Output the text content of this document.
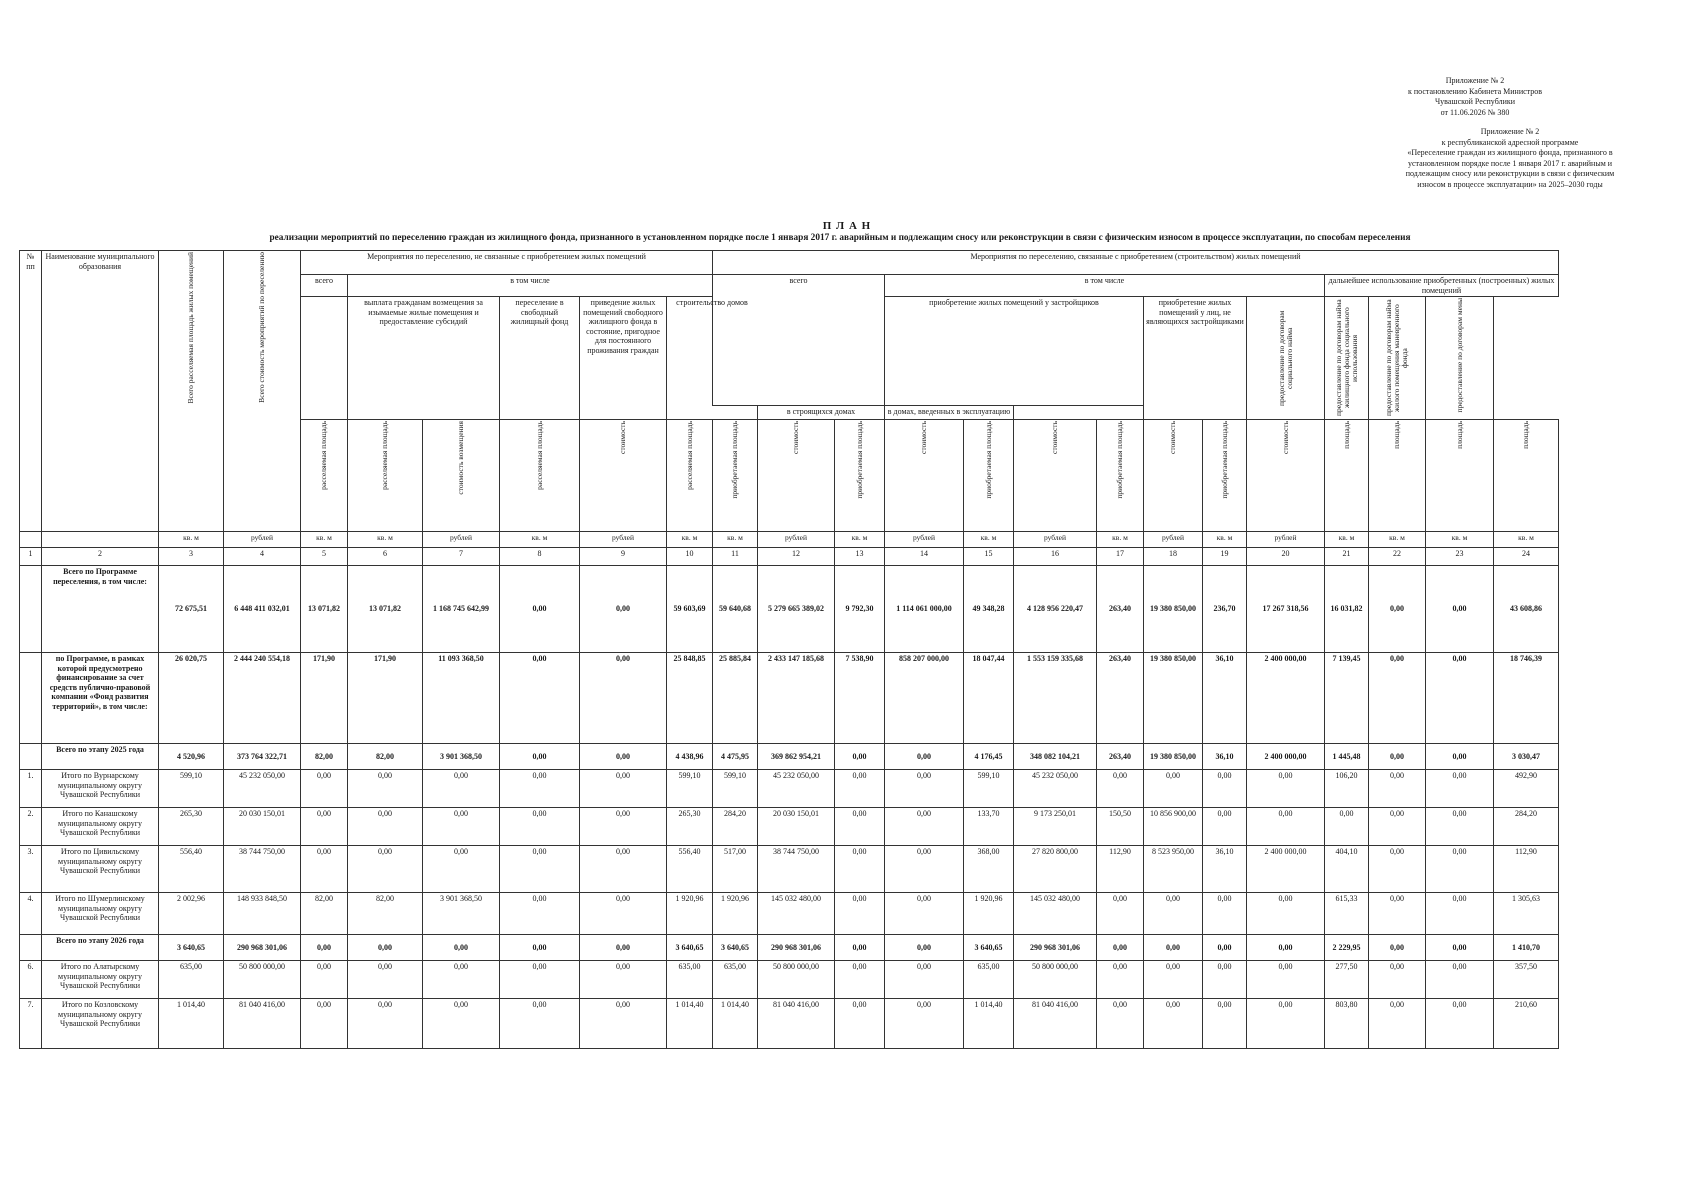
Приложение № 2
к постановлению Кабинета Министров
Чувашской Республики
от 11.06.2026 № 380
Приложение № 2
к республиканской адресной программе
«Переселение граждан из жилищного фонда, признанного в
установленном порядке после 1 января 2017 г. аварийным и
подлежащим сносу или реконструкции в связи с физическим
износом в процессе эксплуатации» на 2025–2030 годы
П Л А Н
реализации мероприятий по переселению граждан из жилищного фонда, признанного в установленном порядке после 1 января 2017 г. аварийным и подлежащим сносу или реконструкции в связи с физическим износом в процессе эксплуатации, по способам переселения
№ пп	Наименование муниципального образования	Всего расселяемая площадь жилых помещений	Всего стоимость мероприятий по переселению	Мероприятия по переселению, не связанные с приобретением жилых помещений						Мероприятия по переселению, связанные с приобретением (строительством) жилых помещений													
				всего	в том числе					всего			в том числе							дальнейшее использование приобретенных (построенных) жилых помещений			
					выплата гражданам возмещения за изымаемые жилые помещения и предоставление субсидий		переселение в свободный жилищный фонд	приведение жилых помещений свободного жилищного фонда в состояние, пригодное для постоянного проживания граждан	строительство домов				приобретение жилых помещений у застройщиков				приобретение жилых помещений у лиц, не являющихся застройщиками		предоставление по договорам социального найма	предоставление по договорам найма жилищного фонда социального использования	предоставление по договорам найма жилого помещения маневренного фонда	предоставление по договорам мены	

											в строящихся домах		в домах, введенных в эксплуатацию										

				расселяемая площадь	расселяемая площадь	стоимость возмещения	расселяемая площадь	стоимость	расселяемая площадь	приобретаемая площадь	стоимость	приобретаемая площадь	стоимость	приобретаемая площадь	стоимость	приобретаемая площадь	стоимость	приобретаемая площадь	стоимость	площадь	площадь	площадь	площадь

		кв. м	рублей	кв. м	кв. м	рублей	кв. м	рублей	кв. м	кв. м	рублей	кв. м	рублей	кв. м	рублей	кв. м	рублей	кв. м	рублей	кв. м	кв. м	кв. м	кв. м
1	2	3	4	5	6	7	8	9	10	11	12	13	14	15	16	17	18	19	20	21	22	23	24
	Всего по Программе переселения, в том числе:	72 675,51	6 448 411 032,01	13 071,82	13 071,82	1 168 745 642,99	0,00	0,00	59 603,69	59 640,68	5 279 665 389,02	9 792,30	1 114 061 000,00	49 348,28	4 128 956 220,47	263,40	19 380 850,00	236,70	17 267 318,56	16 031,82	0,00	0,00	43 608,86
	по Программе, в рамках которой предусмотрено финансирование за счет средств публично-правовой компании «Фонд развития территорий», в том числе:	26 020,75	2 444 240 554,18	171,90	171,90	11 093 368,50	0,00	0,00	25 848,85	25 885,84	2 433 147 185,68	7 538,90	858 207 000,00	18 047,44	1 553 159 335,68	263,40	19 380 850,00	36,10	2 400 000,00	7 139,45	0,00	0,00	18 746,39
	Всего по этапу 2025 года	4 520,96	373 764 322,71	82,00	82,00	3 901 368,50	0,00	0,00	4 438,96	4 475,95	369 862 954,21	0,00	0,00	4 176,45	348 082 104,21	263,40	19 380 850,00	36,10	2 400 000,00	1 445,48	0,00	0,00	3 030,47
1.	Итого по Вурнарскому муниципальному округу Чувашской Республики	599,10	45 232 050,00	0,00	0,00	0,00	0,00	0,00	599,10	599,10	45 232 050,00	0,00	0,00	599,10	45 232 050,00	0,00	0,00	0,00	0,00	106,20	0,00	0,00	492,90
2.	Итого по Канашскому муниципальному округу Чувашской Республики	265,30	20 030 150,01	0,00	0,00	0,00	0,00	0,00	265,30	284,20	20 030 150,01	0,00	0,00	133,70	9 173 250,01	150,50	10 856 900,00	0,00	0,00	0,00	0,00	0,00	284,20
3.	Итого по Цивильскому муниципальному округу Чувашской Республики	556,40	38 744 750,00	0,00	0,00	0,00	0,00	0,00	556,40	517,00	38 744 750,00	0,00	0,00	368,00	27 820 800,00	112,90	8 523 950,00	36,10	2 400 000,00	404,10	0,00	0,00	112,90
4.	Итого по Шумерлинскому муниципальному округу Чувашской Республики	2 002,96	148 933 848,50	82,00	82,00	3 901 368,50	0,00	0,00	1 920,96	1 920,96	145 032 480,00	0,00	0,00	1 920,96	145 032 480,00	0,00	0,00	0,00	0,00	615,33	0,00	0,00	1 305,63
	Всего по этапу 2026 года	3 640,65	290 968 301,06	0,00	0,00	0,00	0,00	0,00	3 640,65	3 640,65	290 968 301,06	0,00	0,00	3 640,65	290 968 301,06	0,00	0,00	0,00	0,00	2 229,95	0,00	0,00	1 410,70
6.	Итого по Алатырскому муниципальному округу Чувашской Республики	635,00	50 800 000,00	0,00	0,00	0,00	0,00	0,00	635,00	635,00	50 800 000,00	0,00	0,00	635,00	50 800 000,00	0,00	0,00	0,00	0,00	277,50	0,00	0,00	357,50
7.	Итого по Козловскому муниципальному округу Чувашской Республики	1 014,40	81 040 416,00	0,00	0,00	0,00	0,00	0,00	1 014,40	1 014,40	81 040 416,00	0,00	0,00	1 014,40	81 040 416,00	0,00	0,00	0,00	0,00	803,80	0,00	0,00	210,60
